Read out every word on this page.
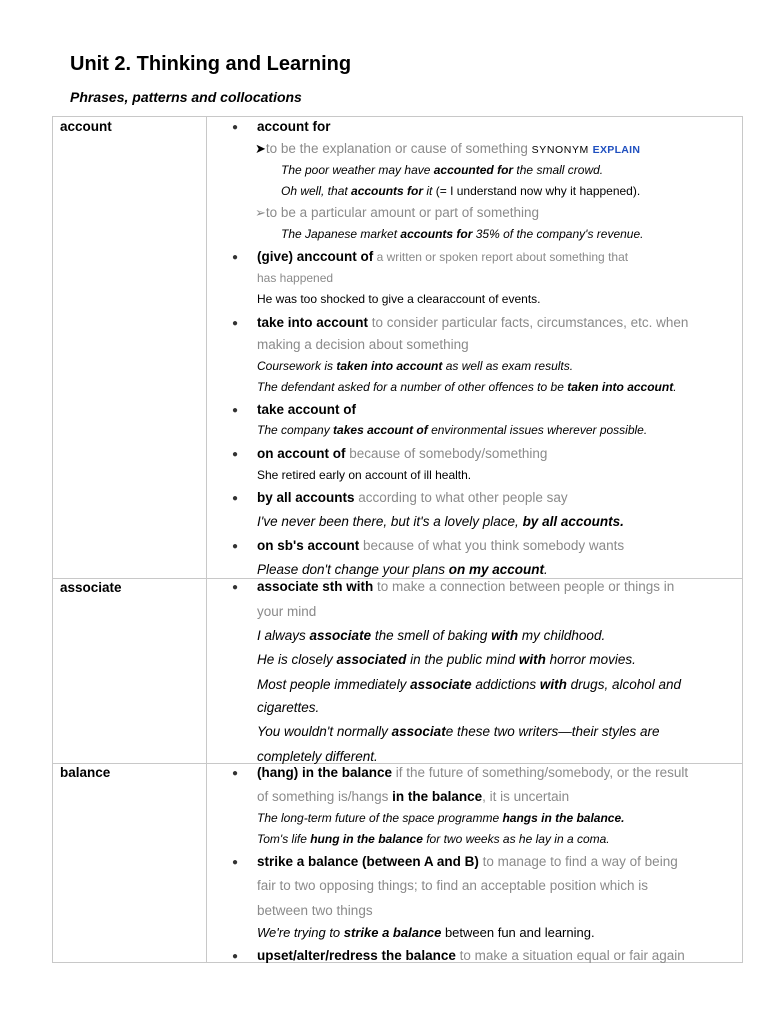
Unit 2. Thinking and Learning
Phrases, patterns and collocations
account	● account for
➤to be the explanation or cause of something SYNONYM EXPLAIN
The poor weather may have accounted for the small crowd.
Oh well, that accounts for it (= I understand now why it happened).
➢to be a particular amount or part of something
The Japanese market accounts for 35% of the company's revenue.
● (give) anccount of a written or spoken report about something that
has happened
He was too shocked to give a clearaccount of events.
● take into account to consider particular facts, circumstances, etc. when
making a decision about something
Coursework is taken into account as well as exam results.
The defendant asked for a number of other offences to be taken into account.
● take account of
The company takes account of environmental issues wherever possible.
● on account of because of somebody/something
She retired early on account of ill health.
● by all accounts according to what other people say
I've never been there, but it's a lovely place, by all accounts.
● on sb's account because of what you think somebody wants
Please don't change your plans on my account.
associate	● associate sth with to make a connection between people or things in
your mind
I always associate the smell of baking with my childhood.
He is closely associated in the public mind with horror movies.
Most people immediately associate addictions with drugs, alcohol and
cigarettes.
You wouldn't normally associate these two writers—their styles are
completely different.
balance	● (hang) in the balance if the future of something/somebody, or the result
of something is/hangs in the balance, it is uncertain
The long-term future of the space programme hangs in the balance.
Tom's life hung in the balance for two weeks as he lay in a coma.
● strike a balance (between A and B) to manage to find a way of being
fair to two opposing things; to find an acceptable position which is
between two things
We're trying to strike a balance between fun and learning.
● upset/alter/redress the balance to make a situation equal or fair again
